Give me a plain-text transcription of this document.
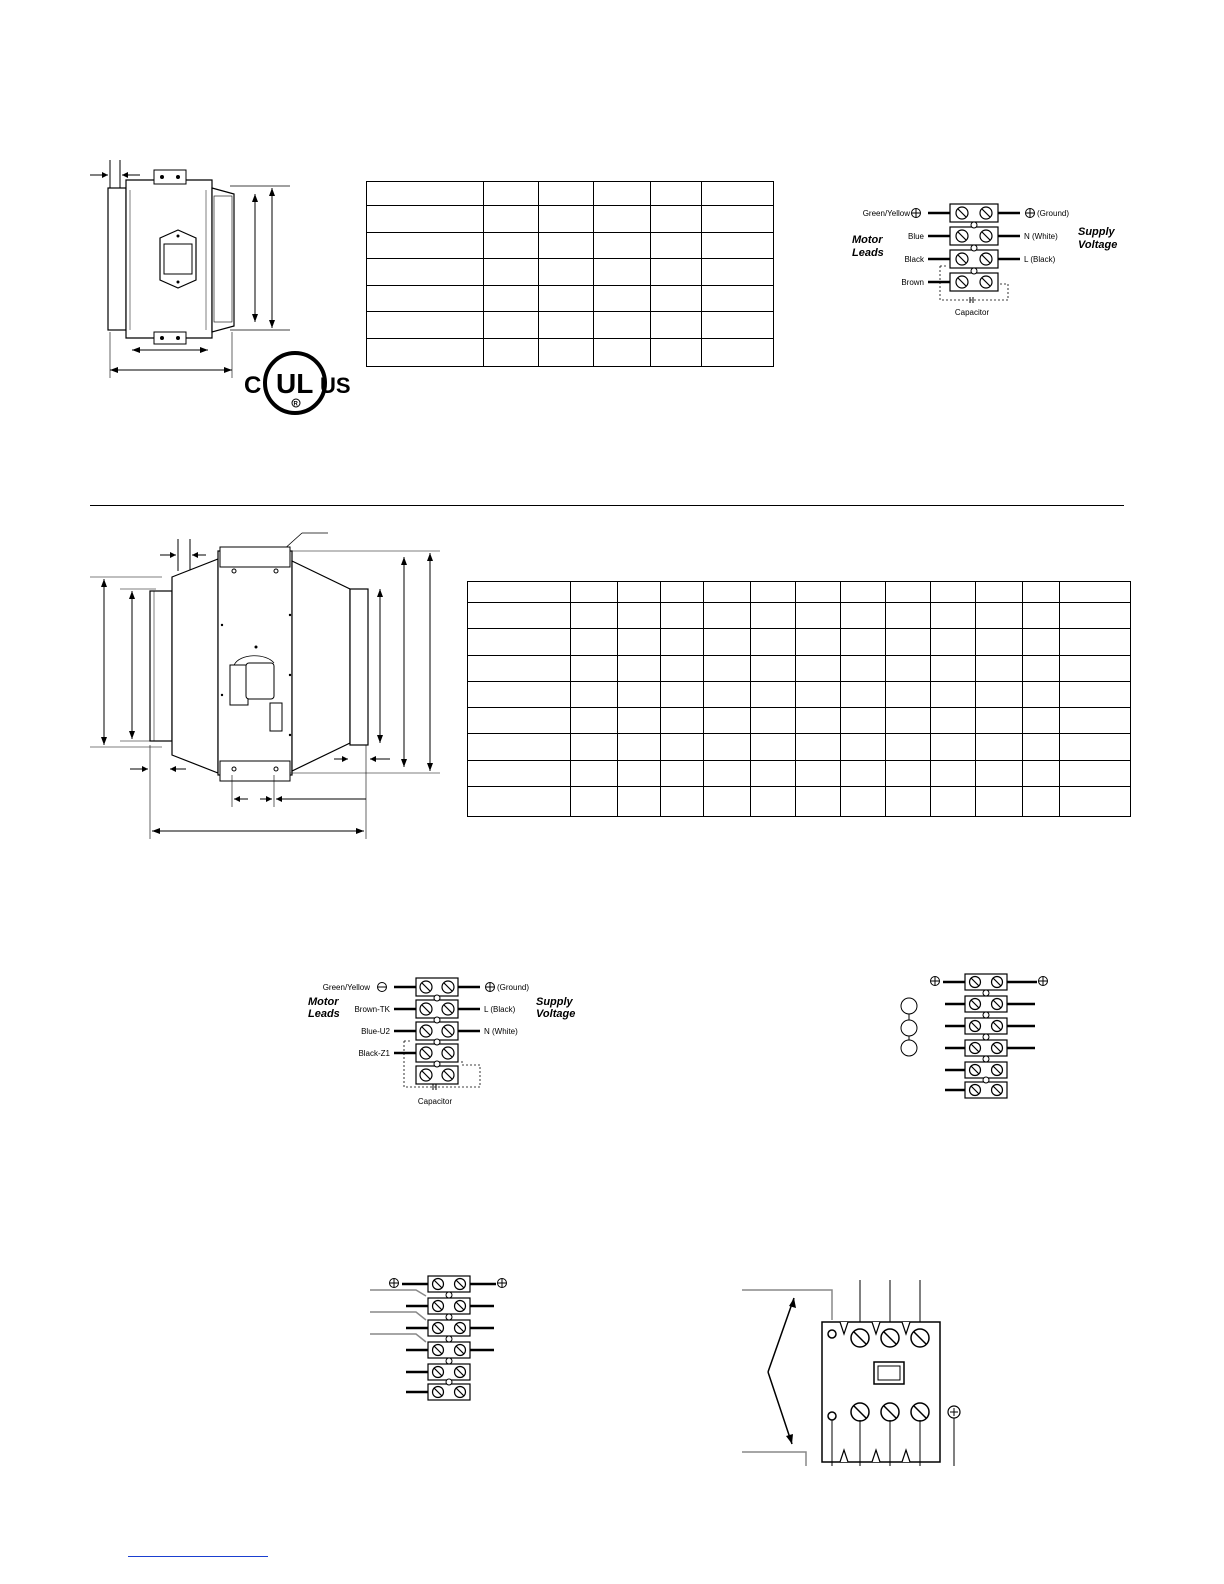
C UL US
R

Green/Yellow
Blue
Black
Brown
(Ground)
N (White)
L (Black)
Capacitor
Motor
Leads
Supply
Voltage

Green/Yellow
Brown-TK
Blue-U2
Black-Z1
(Ground)
L (Black)
N (White)
Capacitor
Motor
Leads
Supply
Voltage
